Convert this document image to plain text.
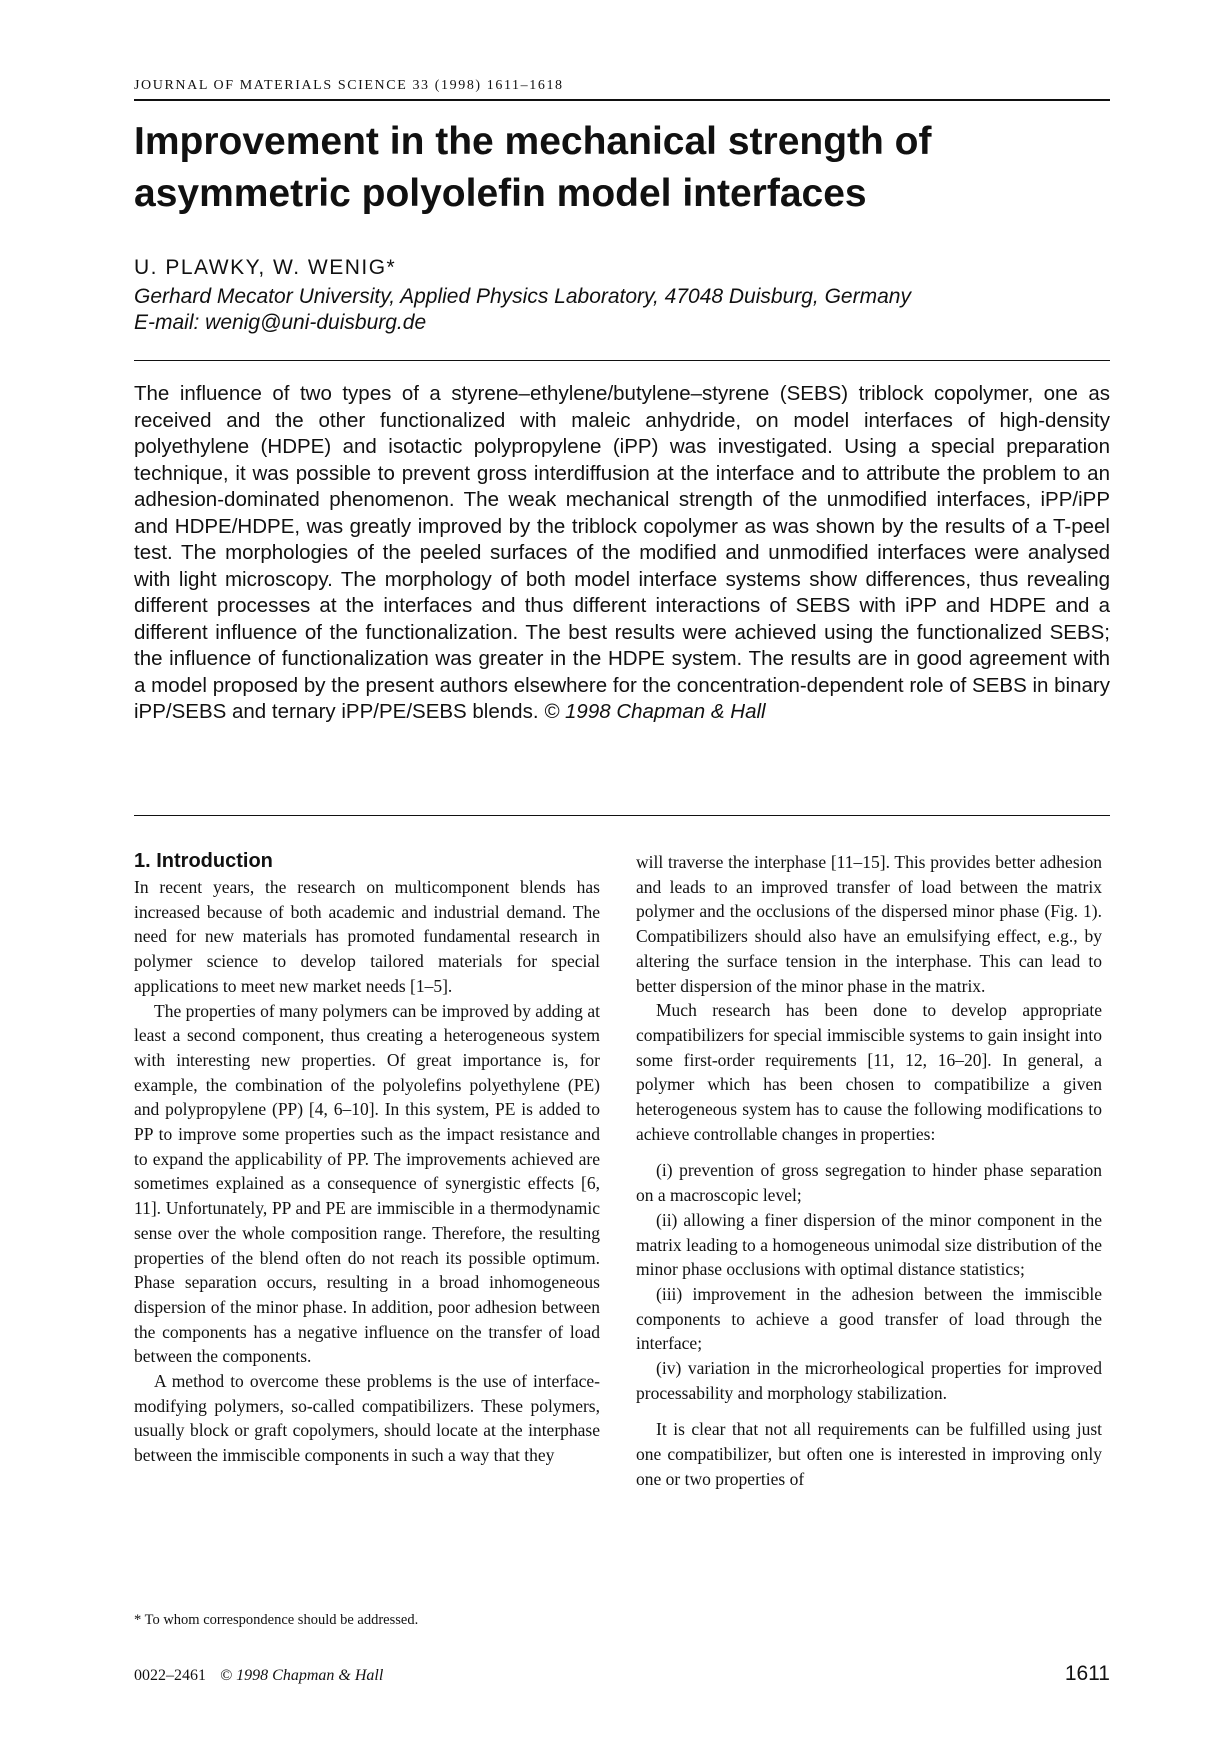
JOURNAL OF MATERIALS SCIENCE 33 (1998) 1611–1618
Improvement in the mechanical strength of
asymmetric polyolefin model interfaces
U. PLAWKY, W. WENIG*
Gerhard Mecator University, Applied Physics Laboratory, 47048 Duisburg, Germany
E-mail: wenig@uni-duisburg.de

The influence of two types of a styrene–ethylene/butylene–styrene (SEBS) triblock copolymer, one as received and the other functionalized with maleic anhydride, on model interfaces of high-density polyethylene (HDPE) and isotactic polypropylene (iPP) was investigated. Using a special preparation technique, it was possible to prevent gross interdiffusion at the interface and to attribute the problem to an adhesion-dominated phenomenon. The weak mechanical strength of the unmodified interfaces, iPP/iPP and HDPE/HDPE, was greatly improved by the triblock copolymer as was shown by the results of a T-peel test. The morphologies of the peeled surfaces of the modified and unmodified interfaces were analysed with light microscopy. The morphology of both model interface systems show differences, thus revealing different processes at the interfaces and thus different interactions of SEBS with iPP and HDPE and a different influence of the functionalization. The best results were achieved using the functionalized SEBS; the influence of functionalization was greater in the HDPE system. The results are in good agreement with a model proposed by the present authors elsewhere for the concentration-dependent role of SEBS in binary iPP/SEBS and ternary iPP/PE/SEBS blends. © 1998 Chapman & Hall

1. Introduction

In recent years, the research on multicomponent blends has increased because of both academic and industrial demand. The need for new materials has promoted fundamental research in polymer science to develop tailored materials for special applications to meet new market needs [1–5].

The properties of many polymers can be improved by adding at least a second component, thus creating a heterogeneous system with interesting new properties. Of great importance is, for example, the combination of the polyolefins polyethylene (PE) and polypropylene (PP) [4, 6–10]. In this system, PE is added to PP to improve some properties such as the impact resistance and to expand the applicability of PP. The improvements achieved are sometimes explained as a consequence of synergistic effects [6, 11]. Unfortunately, PP and PE are immiscible in a thermodynamic sense over the whole composition range. Therefore, the resulting properties of the blend often do not reach its possible optimum. Phase separation occurs, resulting in a broad inhomogeneous dispersion of the minor phase. In addition, poor adhesion between the components has a negative influence on the transfer of load between the components.

A method to overcome these problems is the use of interface-modifying polymers, so-called compatibilizers. These polymers, usually block or graft copolymers, should locate at the interphase between the immiscible components in such a way that they

will traverse the interphase [11–15]. This provides better adhesion and leads to an improved transfer of load between the matrix polymer and the occlusions of the dispersed minor phase (Fig. 1). Compatibilizers should also have an emulsifying effect, e.g., by altering the surface tension in the interphase. This can lead to better dispersion of the minor phase in the matrix.

Much research has been done to develop appropriate compatibilizers for special immiscible systems to gain insight into some first-order requirements [11, 12, 16–20]. In general, a polymer which has been chosen to compatibilize a given heterogeneous system has to cause the following modifications to achieve controllable changes in properties:

(i) prevention of gross segregation to hinder phase separation on a macroscopic level;
(ii) allowing a finer dispersion of the minor component in the matrix leading to a homogeneous unimodal size distribution of the minor phase occlusions with optimal distance statistics;
(iii) improvement in the adhesion between the immiscible components to achieve a good transfer of load through the interface;
(iv) variation in the microrheological properties for improved processability and morphology stabilization.

It is clear that not all requirements can be fulfilled using just one compatibilizer, but often one is interested in improving only one or two properties of

* To whom correspondence should be addressed.
0022–2461 © 1998 Chapman & Hall	1611
